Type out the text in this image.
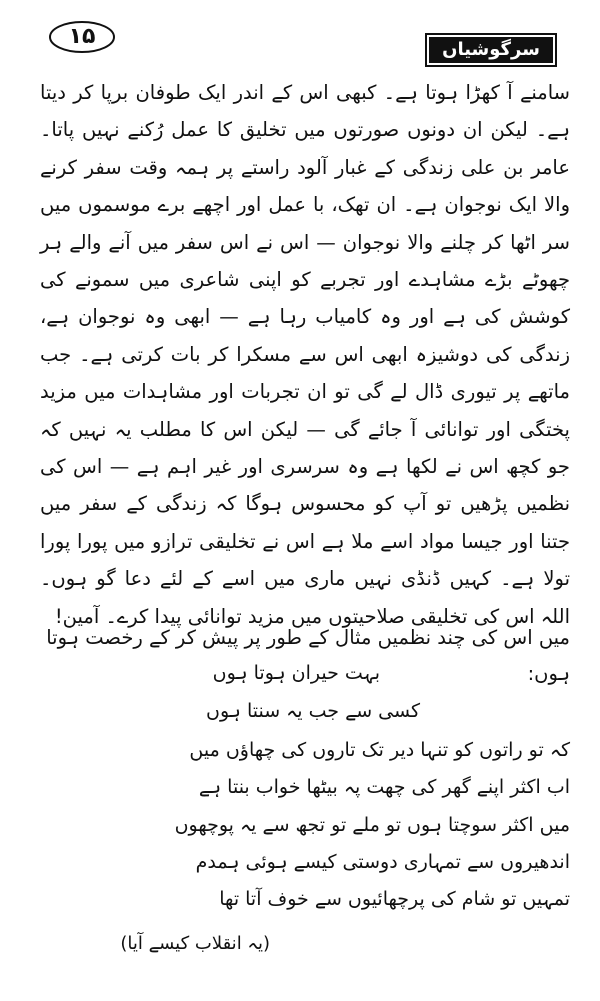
۱۵
سرگوشیاں

سامنے آ کھڑا ہوتا ہے۔ کبھی اس کے اندر ایک طوفان برپا کر دیتا ہے۔ لیکن ان دونوں صورتوں میں تخلیق کا عمل رُکنے نہیں پاتا۔ عامر بن علی زندگی کے غبار آلود راستے پر ہمہ وقت سفر کرنے والا ایک نوجوان ہے۔ ان تھک، با عمل اور اچھے برے موسموں میں سر اٹھا کر چلنے والا نوجوان — اس نے اس سفر میں آنے والے ہر چھوٹے بڑے مشاہدے اور تجربے کو اپنی شاعری میں سمونے کی کوشش کی ہے اور وہ کامیاب رہا ہے — ابھی وہ نوجوان ہے، زندگی کی دوشیزہ ابھی اس سے مسکرا کر بات کرتی ہے۔ جب ماتھے پر تیوری ڈال لے گی تو ان تجربات اور مشاہدات میں مزید پختگی اور توانائی آ جائے گی — لیکن اس کا مطلب یہ نہیں کہ جو کچھ اس نے لکھا ہے وہ سرسری اور غیر اہم ہے — اس کی نظمیں پڑھیں تو آپ کو محسوس ہوگا کہ زندگی کے سفر میں جتنا اور جیسا مواد اسے ملا ہے اس نے تخلیقی ترازو میں پورا پورا تولا ہے۔ کہیں ڈنڈی نہیں ماری میں اسے کے لئے دعا گو ہوں۔ اللہ اس کی تخلیقی صلاحیتوں میں مزید توانائی پیدا کرے۔ آمین!

میں اس کی چند نظمیں مثال کے طور پر پیش کر کے رخصت ہوتا ہوں:
بہت حیران ہوتا ہوں
کسی سے جب یہ سنتا ہوں
کہ تو راتوں کو تنہا دیر تک تاروں کی چھاؤں میں
اب اکثر اپنے گھر کی چھت پہ بیٹھا خواب بنتا ہے
میں اکثر سوچتا ہوں تو ملے تو تجھ سے یہ پوچھوں
اندھیروں سے تمہاری دوستی کیسے ہوئی ہمدم
تمہیں تو شام کی پرچھائیوں سے خوف آتا تھا
(یہ انقلاب کیسے آیا)
